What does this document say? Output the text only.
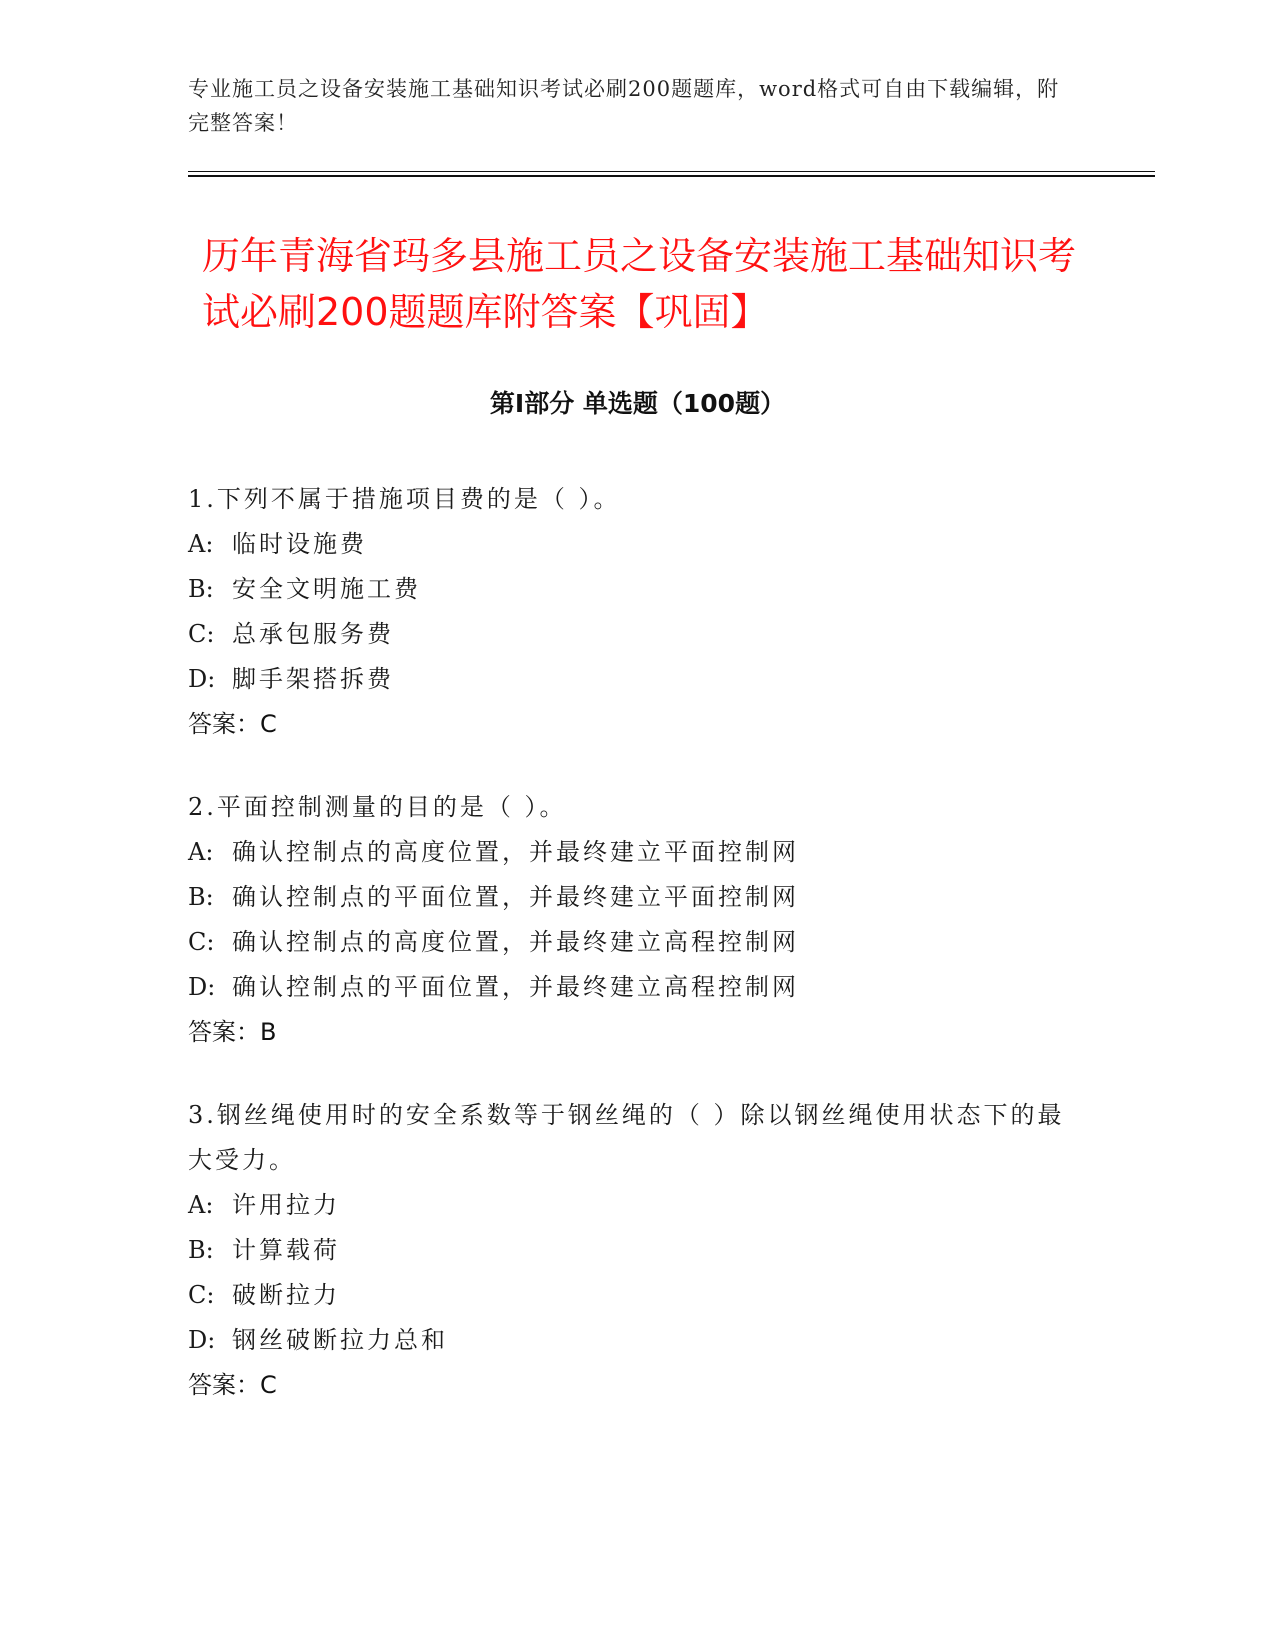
专业施工员之设备安装施工基础知识考试必刷200题题库，word格式可自由下载编辑，附完整答案！
历年青海省玛多县施工员之设备安装施工基础知识考试必刷200题题库附答案【巩固】
第I部分 单选题（100题）
1.下列不属于措施项目费的是（ ）。
A: 临时设施费
B: 安全文明施工费
C: 总承包服务费
D: 脚手架搭拆费
答案：C
2.平面控制测量的目的是（ ）。
A: 确认控制点的高度位置，并最终建立平面控制网
B: 确认控制点的平面位置，并最终建立平面控制网
C: 确认控制点的高度位置，并最终建立高程控制网
D: 确认控制点的平面位置，并最终建立高程控制网
答案：B
3.钢丝绳使用时的安全系数等于钢丝绳的（ ）除以钢丝绳使用状态下的最大受力。
A: 许用拉力
B: 计算载荷
C: 破断拉力
D: 钢丝破断拉力总和
答案：C
